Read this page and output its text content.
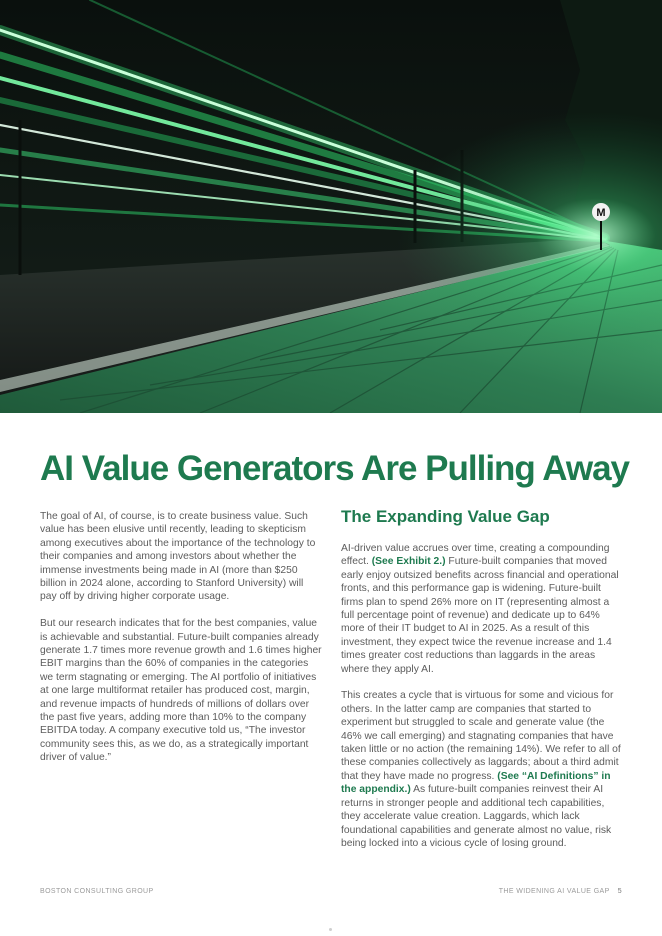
M
AI Value Generators Are Pulling Away

The goal of AI, of course, is to create business value. Such value has been elusive until recently, leading to skepticism among executives about the importance of the technology to their companies and among investors about whether the immense investments being made in AI (more than $250 billion in 2024 alone, according to Stanford University) will pay off by driving higher corporate usage.

But our research indicates that for the best companies, value is achievable and substantial. Future-built companies already generate 1.7 times more revenue growth and 1.6 times higher EBIT margins than the 60% of companies in the categories we term stagnating or emerging. The AI portfolio of initiatives at one large multiformat retailer has produced cost, margin, and revenue impacts of hundreds of millions of dollars over the past five years, adding more than 10% to the company EBITDA today. A company executive told us, “The investor community sees this, as we do, as a strategically important driver of value.”

The Expanding Value Gap

AI-driven value accrues over time, creating a compounding effect. (See Exhibit 2.) Future-built companies that moved early enjoy outsized benefits across financial and operational fronts, and this performance gap is widening. Future-built firms plan to spend 26% more on IT (representing almost a full percentage point of revenue) and dedicate up to 64% more of their IT budget to AI in 2025. As a result of this investment, they expect twice the revenue increase and 1.4 times greater cost reductions than laggards in the areas where they apply AI.

This creates a cycle that is virtuous for some and vicious for others. In the latter camp are companies that started to experiment but struggled to scale and generate value (the 46% we call emerging) and stagnating companies that have taken little or no action (the remaining 14%). We refer to all of these companies collectively as laggards; about a third admit that they have made no progress. (See “AI Definitions” in the appendix.) As future-built companies reinvest their AI returns in stronger people and additional tech capabilities, they accelerate value creation. Laggards, which lack foundational capabilities and generate almost no value, risk being locked into a vicious cycle of losing ground.

BOSTON CONSULTING GROUP	THE WIDENING AI VALUE GAP 5
